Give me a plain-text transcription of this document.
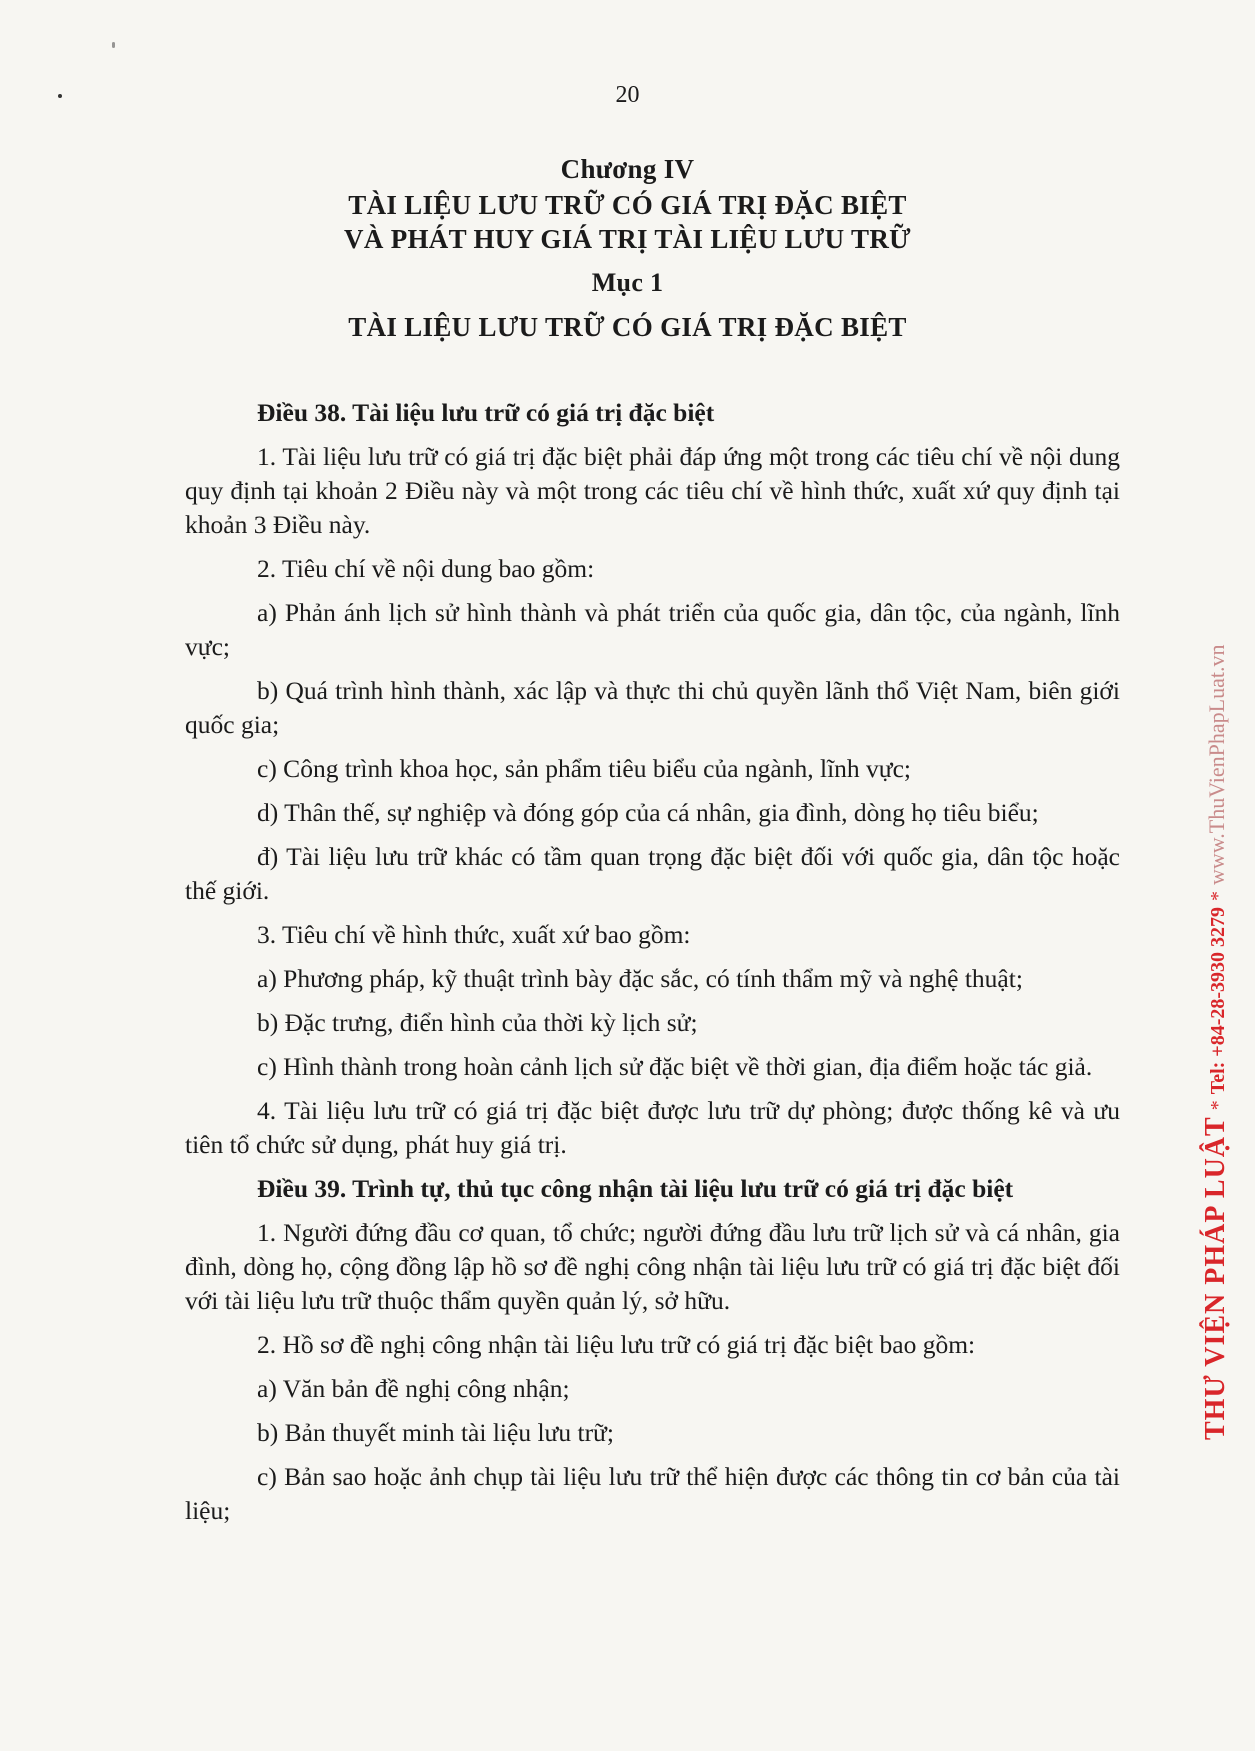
20
Chương IV
TÀI LIỆU LƯU TRỮ CÓ GIÁ TRỊ ĐẶC BIỆT
VÀ PHÁT HUY GIÁ TRỊ TÀI LIỆU LƯU TRỮ
Mục 1
TÀI LIỆU LƯU TRỮ CÓ GIÁ TRỊ ĐẶC BIỆT

Điều 38. Tài liệu lưu trữ có giá trị đặc biệt

1. Tài liệu lưu trữ có giá trị đặc biệt phải đáp ứng một trong các tiêu chí về nội dung quy định tại khoản 2 Điều này và một trong các tiêu chí về hình thức, xuất xứ quy định tại khoản 3 Điều này.

2. Tiêu chí về nội dung bao gồm:

a) Phản ánh lịch sử hình thành và phát triển của quốc gia, dân tộc, của ngành, lĩnh vực;

b) Quá trình hình thành, xác lập và thực thi chủ quyền lãnh thổ Việt Nam, biên giới quốc gia;

c) Công trình khoa học, sản phẩm tiêu biểu của ngành, lĩnh vực;

d) Thân thế, sự nghiệp và đóng góp của cá nhân, gia đình, dòng họ tiêu biểu;

đ) Tài liệu lưu trữ khác có tầm quan trọng đặc biệt đối với quốc gia, dân tộc hoặc thế giới.

3. Tiêu chí về hình thức, xuất xứ bao gồm:

a) Phương pháp, kỹ thuật trình bày đặc sắc, có tính thẩm mỹ và nghệ thuật;

b) Đặc trưng, điển hình của thời kỳ lịch sử;

c) Hình thành trong hoàn cảnh lịch sử đặc biệt về thời gian, địa điểm hoặc tác giả.

4. Tài liệu lưu trữ có giá trị đặc biệt được lưu trữ dự phòng; được thống kê và ưu tiên tổ chức sử dụng, phát huy giá trị.

Điều 39. Trình tự, thủ tục công nhận tài liệu lưu trữ có giá trị đặc biệt

1. Người đứng đầu cơ quan, tổ chức; người đứng đầu lưu trữ lịch sử và cá nhân, gia đình, dòng họ, cộng đồng lập hồ sơ đề nghị công nhận tài liệu lưu trữ có giá trị đặc biệt đối với tài liệu lưu trữ thuộc thẩm quyền quản lý, sở hữu.

2. Hồ sơ đề nghị công nhận tài liệu lưu trữ có giá trị đặc biệt bao gồm:

a) Văn bản đề nghị công nhận;

b) Bản thuyết minh tài liệu lưu trữ;

c) Bản sao hoặc ảnh chụp tài liệu lưu trữ thể hiện được các thông tin cơ bản của tài liệu;

THƯ VIỆN PHÁP LUẬT * Tel: +84-28-3930 3279 * www.ThuVienPhapLuat.vn
